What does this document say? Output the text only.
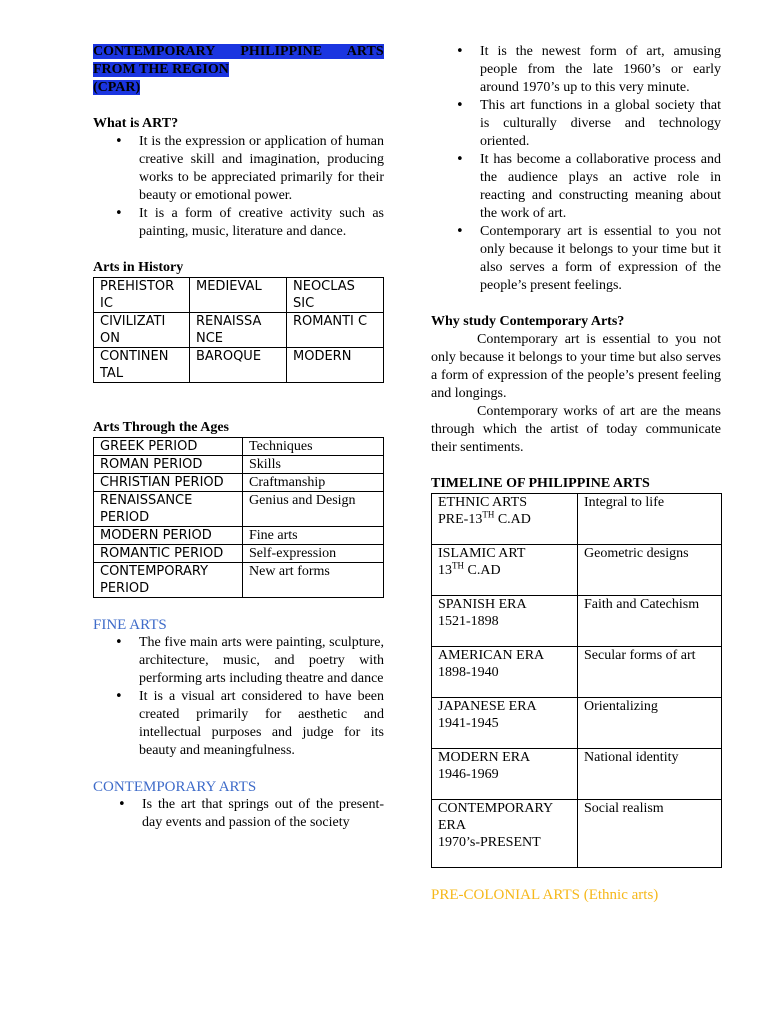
CONTEMPORARY PHILIPPINE ARTS
FROM THE REGION
(CPAR)
What is ART?
• It is the expression or application of human creative skill and imagination, producing works to be appreciated primarily for their beauty or emotional power.
• It is a form of creative activity such as painting, music, literature and dance.
Arts in History
PREHISTOR IC	MEDIEVAL	NEOCLAS SIC
CIVILIZATI ON	RENAISSA NCE	ROMANTI C
CONTINEN TAL	BAROQUE	MODERN
Arts Through the Ages
GREEK PERIOD	Techniques
ROMAN PERIOD	Skills
CHRISTIAN PERIOD	Craftmanship
RENAISSANCE PERIOD	Genius and Design
MODERN PERIOD	Fine arts
ROMANTIC PERIOD	Self-expression
CONTEMPORARY PERIOD	New art forms
FINE ARTS
• The five main arts were painting, sculpture, architecture, music, and poetry with performing arts including theatre and dance
• It is a visual art considered to have been created primarily for aesthetic and intellectual purposes and judge for its beauty and meaningfulness.
CONTEMPORARY ARTS
• Is the art that springs out of the present-day events and passion of the society
• It is the newest form of art, amusing people from the late 1960’s or early around 1970’s up to this very minute.
• This art functions in a global society that is culturally diverse and technology oriented.
• It has become a collaborative process and the audience plays an active role in reacting and constructing meaning about the work of art.
• Contemporary art is essential to you not only because it belongs to your time but it also serves a form of expression of the people’s present feelings.
Why study Contemporary Arts?

Contemporary art is essential to you not only because it belongs to your time but also serves a form of expression of the people’s present feeling and longings.

Contemporary works of art are the means through which the artist of today communicate their sentiments.

TIMELINE OF PHILIPPINE ARTS
ETHNIC ARTS
PRE-13TH C.AD	Integral to life
ISLAMIC ART
13TH C.AD	Geometric designs
SPANISH ERA
1521-1898	Faith and Catechism
AMERICAN ERA
1898-1940	Secular forms of art
JAPANESE ERA
1941-1945	Orientalizing
MODERN ERA
1946-1969	National identity
CONTEMPORARY ERA
1970’s-PRESENT	Social realism
PRE-COLONIAL ARTS (Ethnic arts)
